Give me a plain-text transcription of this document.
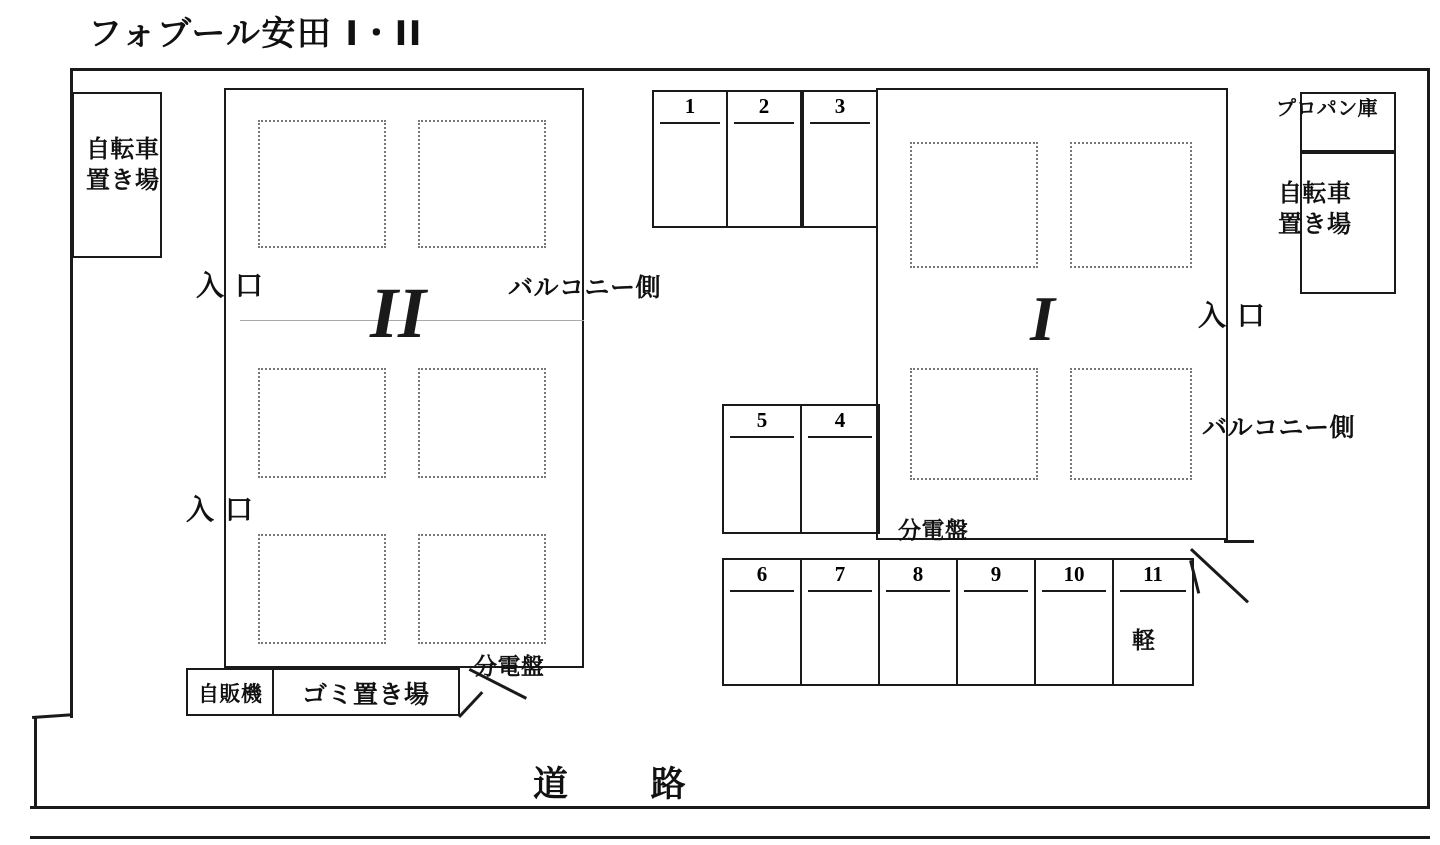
フォブール安田 I・II
道　　路
自転車
置き場
II	I
プロパン庫
自転車
置き場
1	2	3
5	4
6	7	8	9	10	11
軽
自販機 ゴミ置き場
入 口
入 口
入 口
バルコニー側
バルコニー側
分電盤
分電盤
